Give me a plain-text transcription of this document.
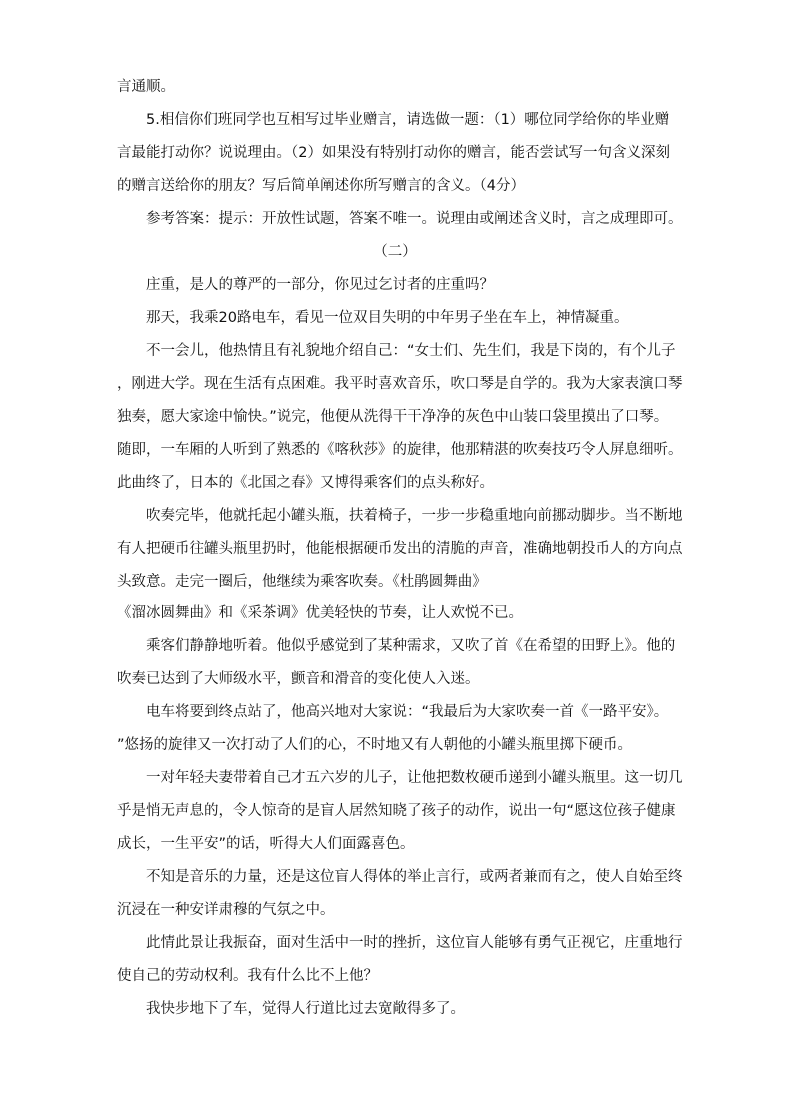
言通顺。
5.相信你们班同学也互相写过毕业赠言，请选做一题：（1）哪位同学给你的毕业赠
言最能打动你？说说理由。（2）如果没有特别打动你的赠言，能否尝试写一句含义深刻
的赠言送给你的朋友？写后简单阐述你所写赠言的含义。（4分）
参考答案：提示：开放性试题，答案不唯一。说理由或阐述含义时，言之成理即可。
（二）
庄重，是人的尊严的一部分，你见过乞讨者的庄重吗？
那天，我乘20路电车，看见一位双目失明的中年男子坐在车上，神情凝重。
不一会儿，他热情且有礼貌地介绍自己：“女士们、先生们，我是下岗的，有个儿子
，刚进大学。现在生活有点困难。我平时喜欢音乐，吹口琴是自学的。我为大家表演口琴
独奏，愿大家途中愉快。”说完，他便从洗得干干净净的灰色中山装口袋里摸出了口琴。
随即，一车厢的人听到了熟悉的《喀秋莎》的旋律，他那精湛的吹奏技巧令人屏息细听。
此曲终了，日本的《北国之春》又博得乘客们的点头称好。
吹奏完毕，他就托起小罐头瓶，扶着椅子，一步一步稳重地向前挪动脚步。当不断地
有人把硬币往罐头瓶里扔时，他能根据硬币发出的清脆的声音，准确地朝投币人的方向点
头致意。走完一圈后，他继续为乘客吹奏。《杜鹃圆舞曲》
《溜冰圆舞曲》和《采茶调》优美轻快的节奏，让人欢悦不已。
乘客们静静地听着。他似乎感觉到了某种需求，又吹了首《在希望的田野上》。他的
吹奏已达到了大师级水平，颤音和滑音的变化使人入迷。
电车将要到终点站了，他高兴地对大家说：“我最后为大家吹奏一首《一路平安》。
”悠扬的旋律又一次打动了人们的心，不时地又有人朝他的小罐头瓶里掷下硬币。
一对年轻夫妻带着自己才五六岁的儿子，让他把数枚硬币递到小罐头瓶里。这一切几
乎是悄无声息的，令人惊奇的是盲人居然知晓了孩子的动作，说出一句“愿这位孩子健康
成长，一生平安”的话，听得大人们面露喜色。
不知是音乐的力量，还是这位盲人得体的举止言行，或两者兼而有之，使人自始至终
沉浸在一种安详肃穆的气氛之中。
此情此景让我振奋，面对生活中一时的挫折，这位盲人能够有勇气正视它，庄重地行
使自己的劳动权利。我有什么比不上他？
我快步地下了车，觉得人行道比过去宽敞得多了。
